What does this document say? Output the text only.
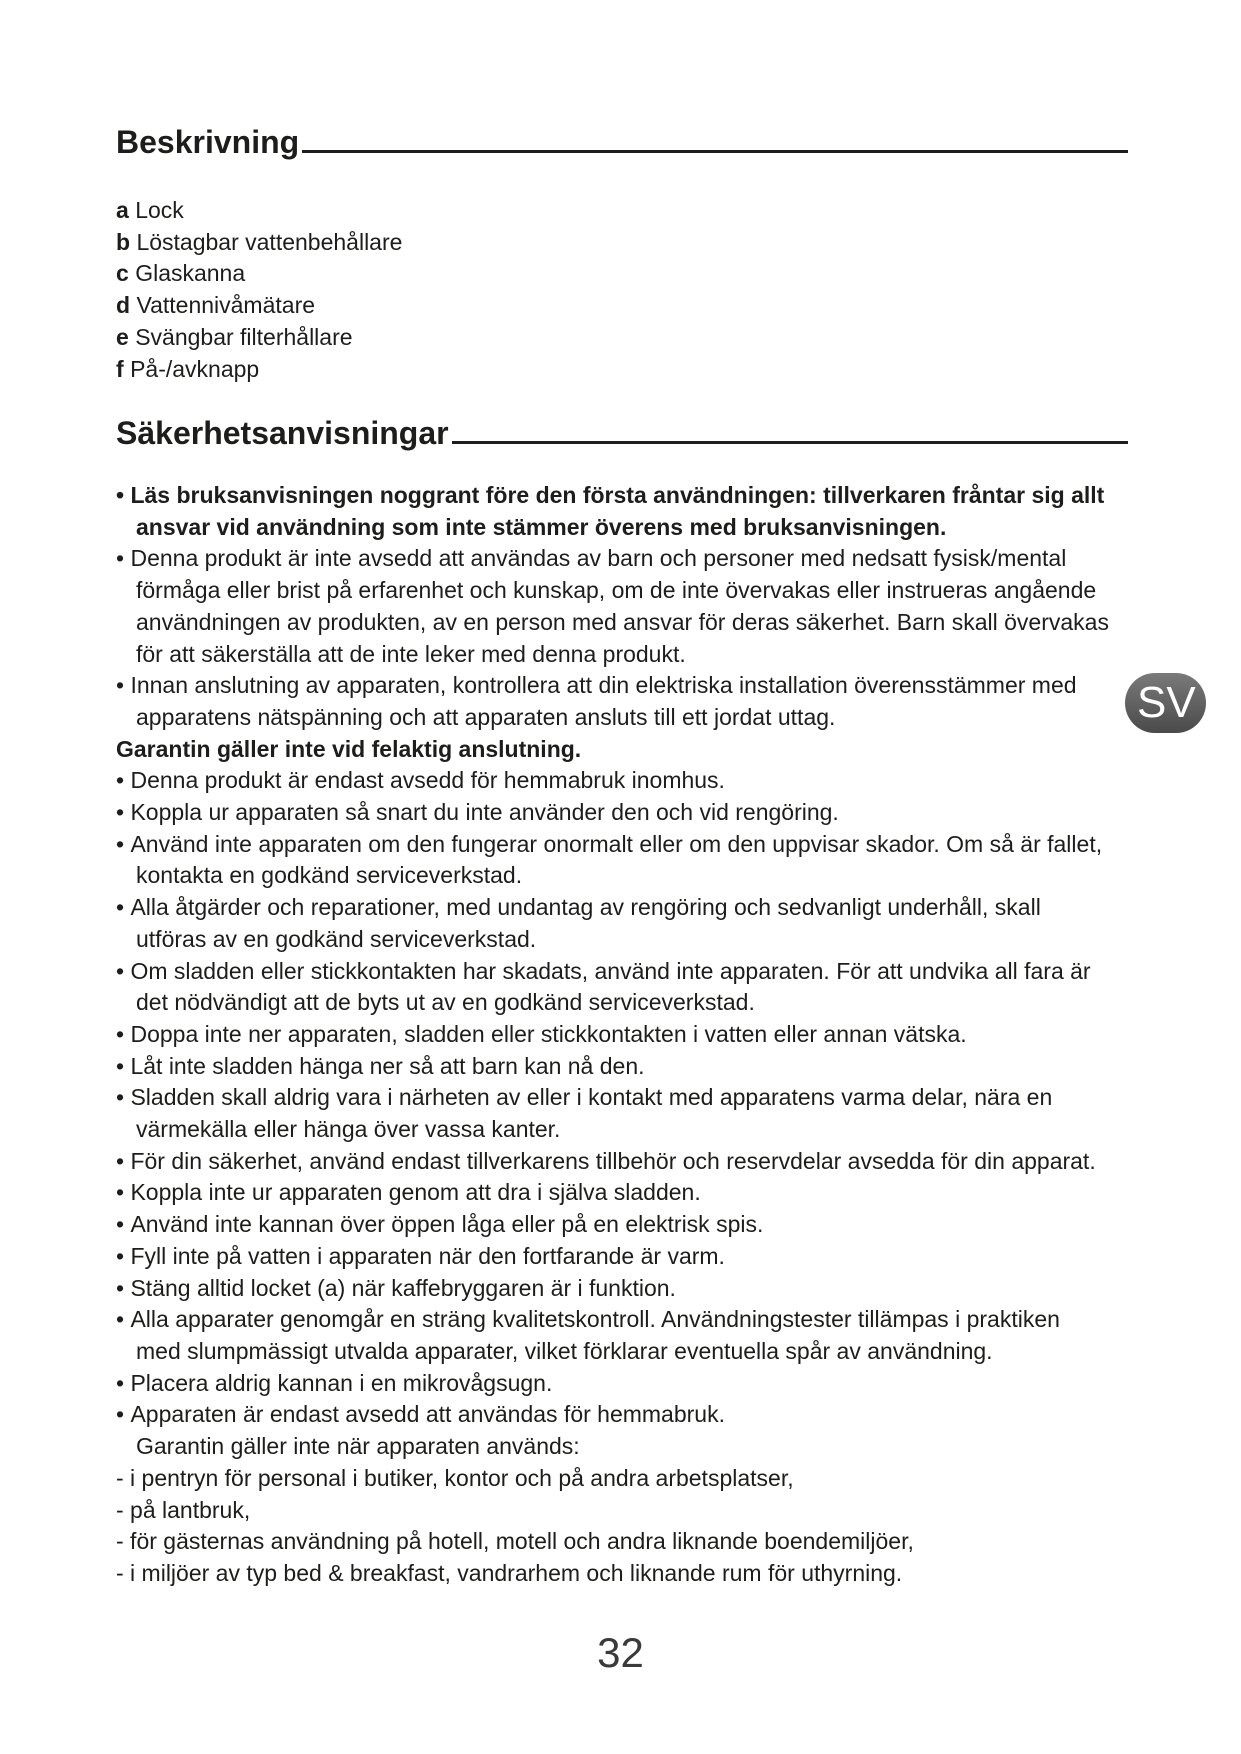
Beskrivning
a Lock
b Löstagbar vattenbehållare
c Glaskanna
d Vattennivåmätare
e Svängbar filterhållare
f På-/avknapp
Säkerhetsanvisningar
• Läs bruksanvisningen noggrant före den första användningen: tillverkaren fråntar sig allt
ansvar vid användning som inte stämmer överens med bruksanvisningen.
• Denna produkt är inte avsedd att användas av barn och personer med nedsatt fysisk/mental
förmåga eller brist på erfarenhet och kunskap, om de inte övervakas eller instrueras angående
användningen av produkten, av en person med ansvar för deras säkerhet. Barn skall övervakas
för att säkerställa att de inte leker med denna produkt.
• Innan anslutning av apparaten, kontrollera att din elektriska installation överensstämmer med
apparatens nätspänning och att apparaten ansluts till ett jordat uttag.
Garantin gäller inte vid felaktig anslutning.
• Denna produkt är endast avsedd för hemmabruk inomhus.
• Koppla ur apparaten så snart du inte använder den och vid rengöring.
• Använd inte apparaten om den fungerar onormalt eller om den uppvisar skador. Om så är fallet,
kontakta en godkänd serviceverkstad.
• Alla åtgärder och reparationer, med undantag av rengöring och sedvanligt underhåll, skall
utföras av en godkänd serviceverkstad.
• Om sladden eller stickkontakten har skadats, använd inte apparaten. För att undvika all fara är
det nödvändigt att de byts ut av en godkänd serviceverkstad.
• Doppa inte ner apparaten, sladden eller stickkontakten i vatten eller annan vätska.
• Låt inte sladden hänga ner så att barn kan nå den.
• Sladden skall aldrig vara i närheten av eller i kontakt med apparatens varma delar, nära en
värmekälla eller hänga över vassa kanter.
• För din säkerhet, använd endast tillverkarens tillbehör och reservdelar avsedda för din apparat.
• Koppla inte ur apparaten genom att dra i själva sladden.
• Använd inte kannan över öppen låga eller på en elektrisk spis.
• Fyll inte på vatten i apparaten när den fortfarande är varm.
• Stäng alltid locket (a) när kaffebryggaren är i funktion.
• Alla apparater genomgår en sträng kvalitetskontroll. Användningstester tillämpas i praktiken
med slumpmässigt utvalda apparater, vilket förklarar eventuella spår av användning.
• Placera aldrig kannan i en mikrovågsugn.
• Apparaten är endast avsedd att användas för hemmabruk.
Garantin gäller inte när apparaten används:
- i pentryn för personal i butiker, kontor och på andra arbetsplatser,
- på lantbruk,
- för gästernas användning på hotell, motell och andra liknande boendemiljöer,
- i miljöer av typ bed & breakfast, vandrarhem och liknande rum för uthyrning.
32
SV
